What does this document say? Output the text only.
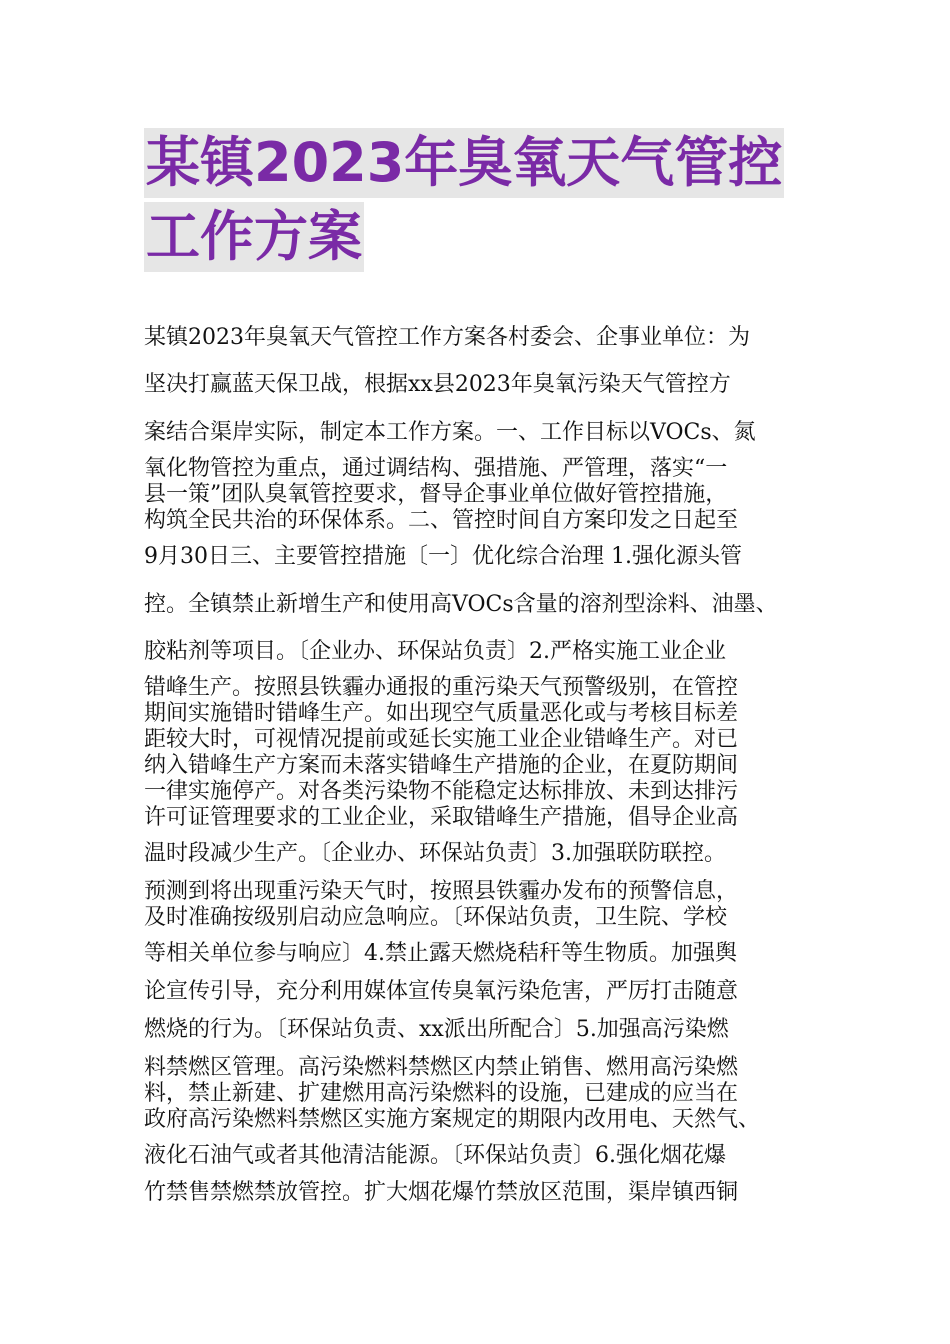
某镇2023年臭氧天气管控
工作方案
某镇2023年臭氧天气管控工作方案各村委会、企事业单位：为
坚决打赢蓝天保卫战，根据xx县2023年臭氧污染天气管控方
案结合渠岸实际，制定本工作方案。一、工作目标以VOCs、氮
氧化物管控为重点，通过调结构、强措施、严管理，落实“一
县一策”团队臭氧管控要求，督导企事业单位做好管控措施，
构筑全民共治的环保体系。二、管控时间自方案印发之日起至
9月30日三、主要管控措施〔一〕优化综合治理 1.强化源头管
控。全镇禁止新增生产和使用高VOCs含量的溶剂型涂料、油墨、
胶粘剂等项目。〔企业办、环保站负责〕2.严格实施工业企业
错峰生产。按照县铁霾办通报的重污染天气预警级别，在管控
期间实施错时错峰生产。如出现空气质量恶化或与考核目标差
距较大时，可视情况提前或延长实施工业企业错峰生产。对已
纳入错峰生产方案而未落实错峰生产措施的企业，在夏防期间
一律实施停产。对各类污染物不能稳定达标排放、未到达排污
许可证管理要求的工业企业，采取错峰生产措施，倡导企业高
温时段减少生产。〔企业办、环保站负责〕3.加强联防联控。
预测到将出现重污染天气时，按照县铁霾办发布的预警信息，
及时准确按级别启动应急响应。〔环保站负责，卫生院、学校
等相关单位参与响应〕4.禁止露天燃烧秸秆等生物质。加强舆
论宣传引导，充分利用媒体宣传臭氧污染危害，严厉打击随意
燃烧的行为。〔环保站负责、xx派出所配合〕5.加强高污染燃
料禁燃区管理。高污染燃料禁燃区内禁止销售、燃用高污染燃
料，禁止新建、扩建燃用高污染燃料的设施，已建成的应当在
政府高污染燃料禁燃区实施方案规定的期限内改用电、天然气、
液化石油气或者其他清洁能源。〔环保站负责〕6.强化烟花爆
竹禁售禁燃禁放管控。扩大烟花爆竹禁放区范围，渠岸镇西铜
